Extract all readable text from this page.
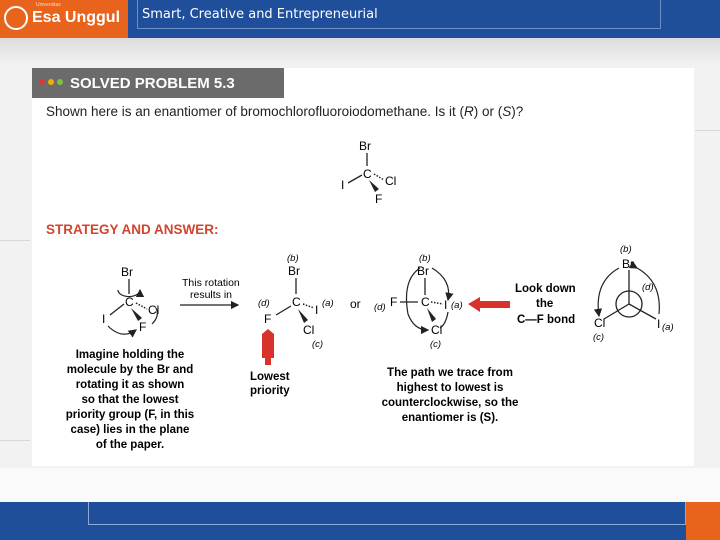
Universitas
Esa Unggul Smart, Creative and Entrepreneurial
SOLVED PROBLEM 5.3
Shown here is an enantiomer of bromochlorofluoroiodomethane. Is it (R) or (S)?
Br
C
I	Cl
F
STRATEGY AND ANSWER:
Br
C
I
Cl
F
This rotation
results in
(b)
Br
C
(d)
F
I (a)
Cl
(c)
Lowest
priority
or
(b)
Br
C
F
(d)	I (a)
Cl
(c)
Look down
the
C—F bond
(b)
Br
Cl
(c)
I (a)
(d)
Imagine holding the
molecule by the Br and
rotating it as shown
so that the lowest
priority group (F, in this
case) lies in the plane
of the paper.
The path we trace from
highest to lowest is
counterclockwise, so the
enantiomer is (S).
